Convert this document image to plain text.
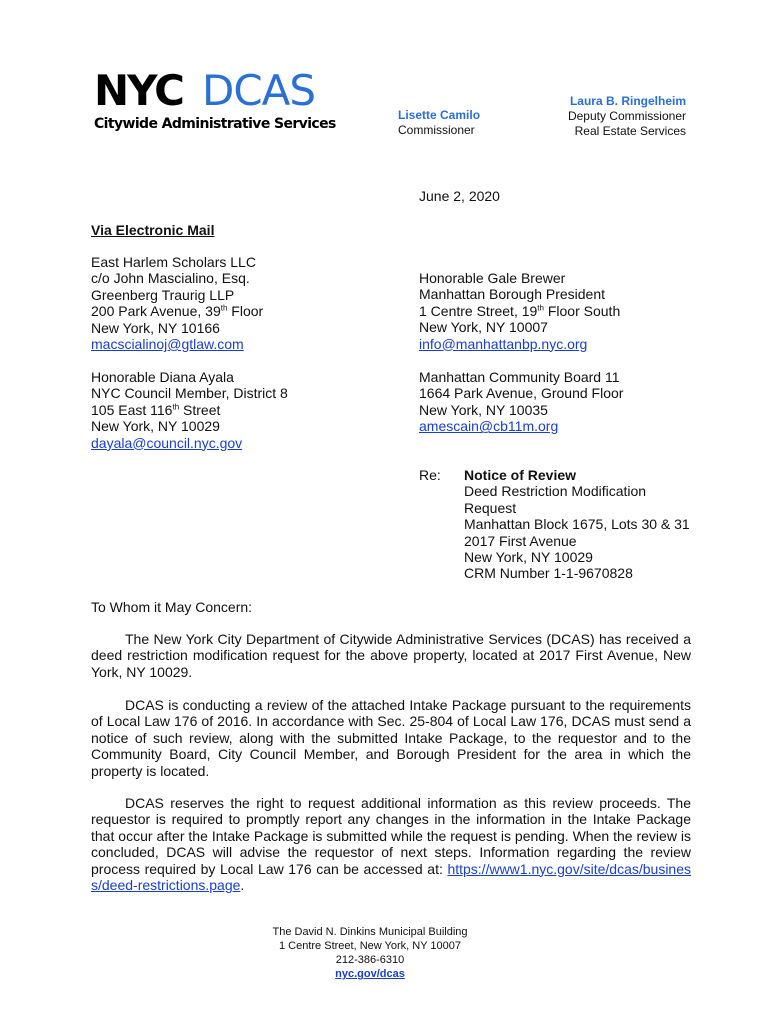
NYC DCAS
Citywide Administrative Services
Lisette Camilo
Commissioner
Laura B. Ringelheim
Deputy Commissioner
Real Estate Services
June 2, 2020
Via Electronic Mail
East Harlem Scholars LLC
c/o John Mascialino, Esq.
Greenberg Traurig LLP
200 Park Avenue, 39th Floor
New York, NY 10166
macscialinoj@gtlaw.com
Honorable Diana Ayala
NYC Council Member, District 8
105 East 116th Street
New York, NY 10029
dayala@council.nyc.gov
Honorable Gale Brewer
Manhattan Borough President
1 Centre Street, 19th Floor South
New York, NY 10007
info@manhattanbp.nyc.org
Manhattan Community Board 11
1664 Park Avenue, Ground Floor
New York, NY 10035
amescain@cb11m.org
Re: Notice of Review
Deed Restriction Modification
Request
Manhattan Block 1675, Lots 30 & 31
2017 First Avenue
New York, NY 10029
CRM Number 1-1-9670828
To Whom it May Concern:
The New York City Department of Citywide Administrative Services (DCAS) has received a deed restriction modification request for the above property, located at 2017 First Avenue, New York, NY 10029.
DCAS is conducting a review of the attached Intake Package pursuant to the requirements of Local Law 176 of 2016. In accordance with Sec. 25-804 of Local Law 176, DCAS must send a notice of such review, along with the submitted Intake Package, to the requestor and to the Community Board, City Council Member, and Borough President for the area in which the property is located.
DCAS reserves the right to request additional information as this review proceeds. The requestor is required to promptly report any changes in the information in the Intake Package that occur after the Intake Package is submitted while the request is pending. When the review is concluded, DCAS will advise the requestor of next steps. Information regarding the review process required by Local Law 176 can be accessed at: https://www1.nyc.gov/site/dcas/business/deed-restrictions.page.
The David N. Dinkins Municipal Building
1 Centre Street, New York, NY 10007
212-386-6310
nyc.gov/dcas
